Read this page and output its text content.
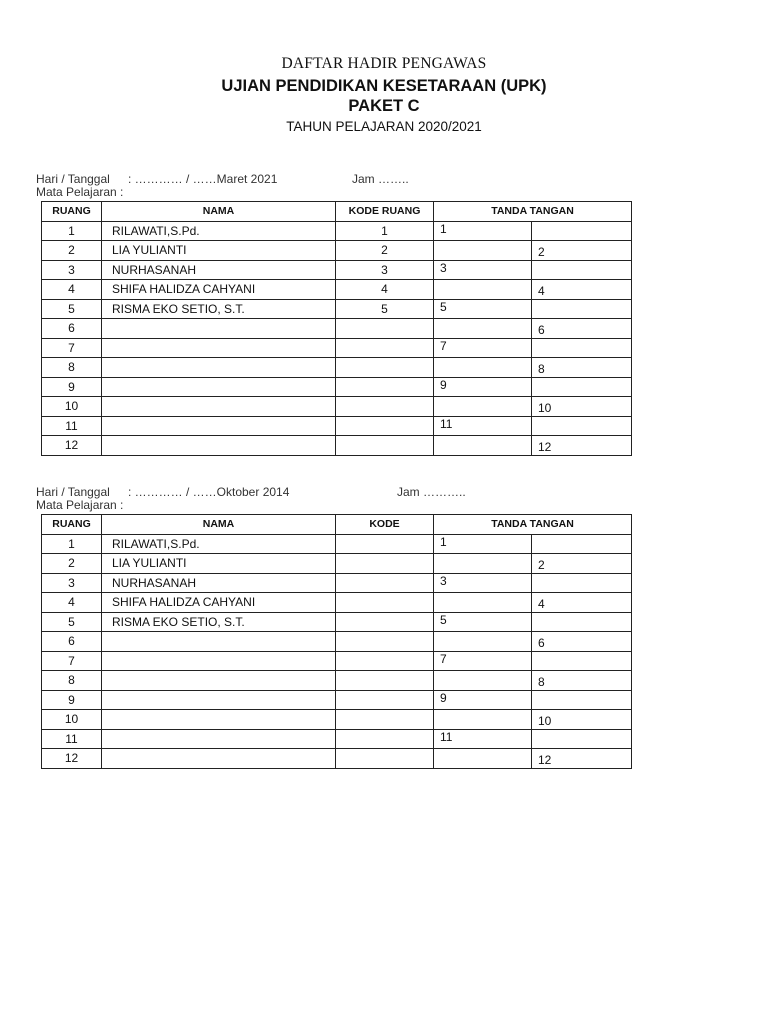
DAFTAR HADIR PENGAWAS
UJIAN PENDIDIKAN KESETARAAN (UPK)
PAKET C
TAHUN PELAJARAN 2020/2021
Hari / Tanggal : ………… / ……Maret 2021	Jam ……..
Mata Pelajaran :
RUANG	NAMA	KODE RUANG	TANDA TANGAN	
1	RILAWATI,S.Pd.	1	1	
2	LIA YULIANTI	2		2
3	NURHASANAH	3	3	
4	SHIFA HALIDZA CAHYANI	4		4
5	RISMA EKO SETIO, S.T.	5	5	
6				6
7			7	
8				8
9			9	
10				10
11			11	
12				12
Hari / Tanggal : ………… / ……Oktober 2014	Jam ………..
Mata Pelajaran :
RUANG	NAMA	KODE	TANDA TANGAN	
1	RILAWATI,S.Pd.		1	
2	LIA YULIANTI			2
3	NURHASANAH		3	
4	SHIFA HALIDZA CAHYANI			4
5	RISMA EKO SETIO, S.T.		5	
6				6
7			7	
8				8
9			9	
10				10
11			11	
12				12
